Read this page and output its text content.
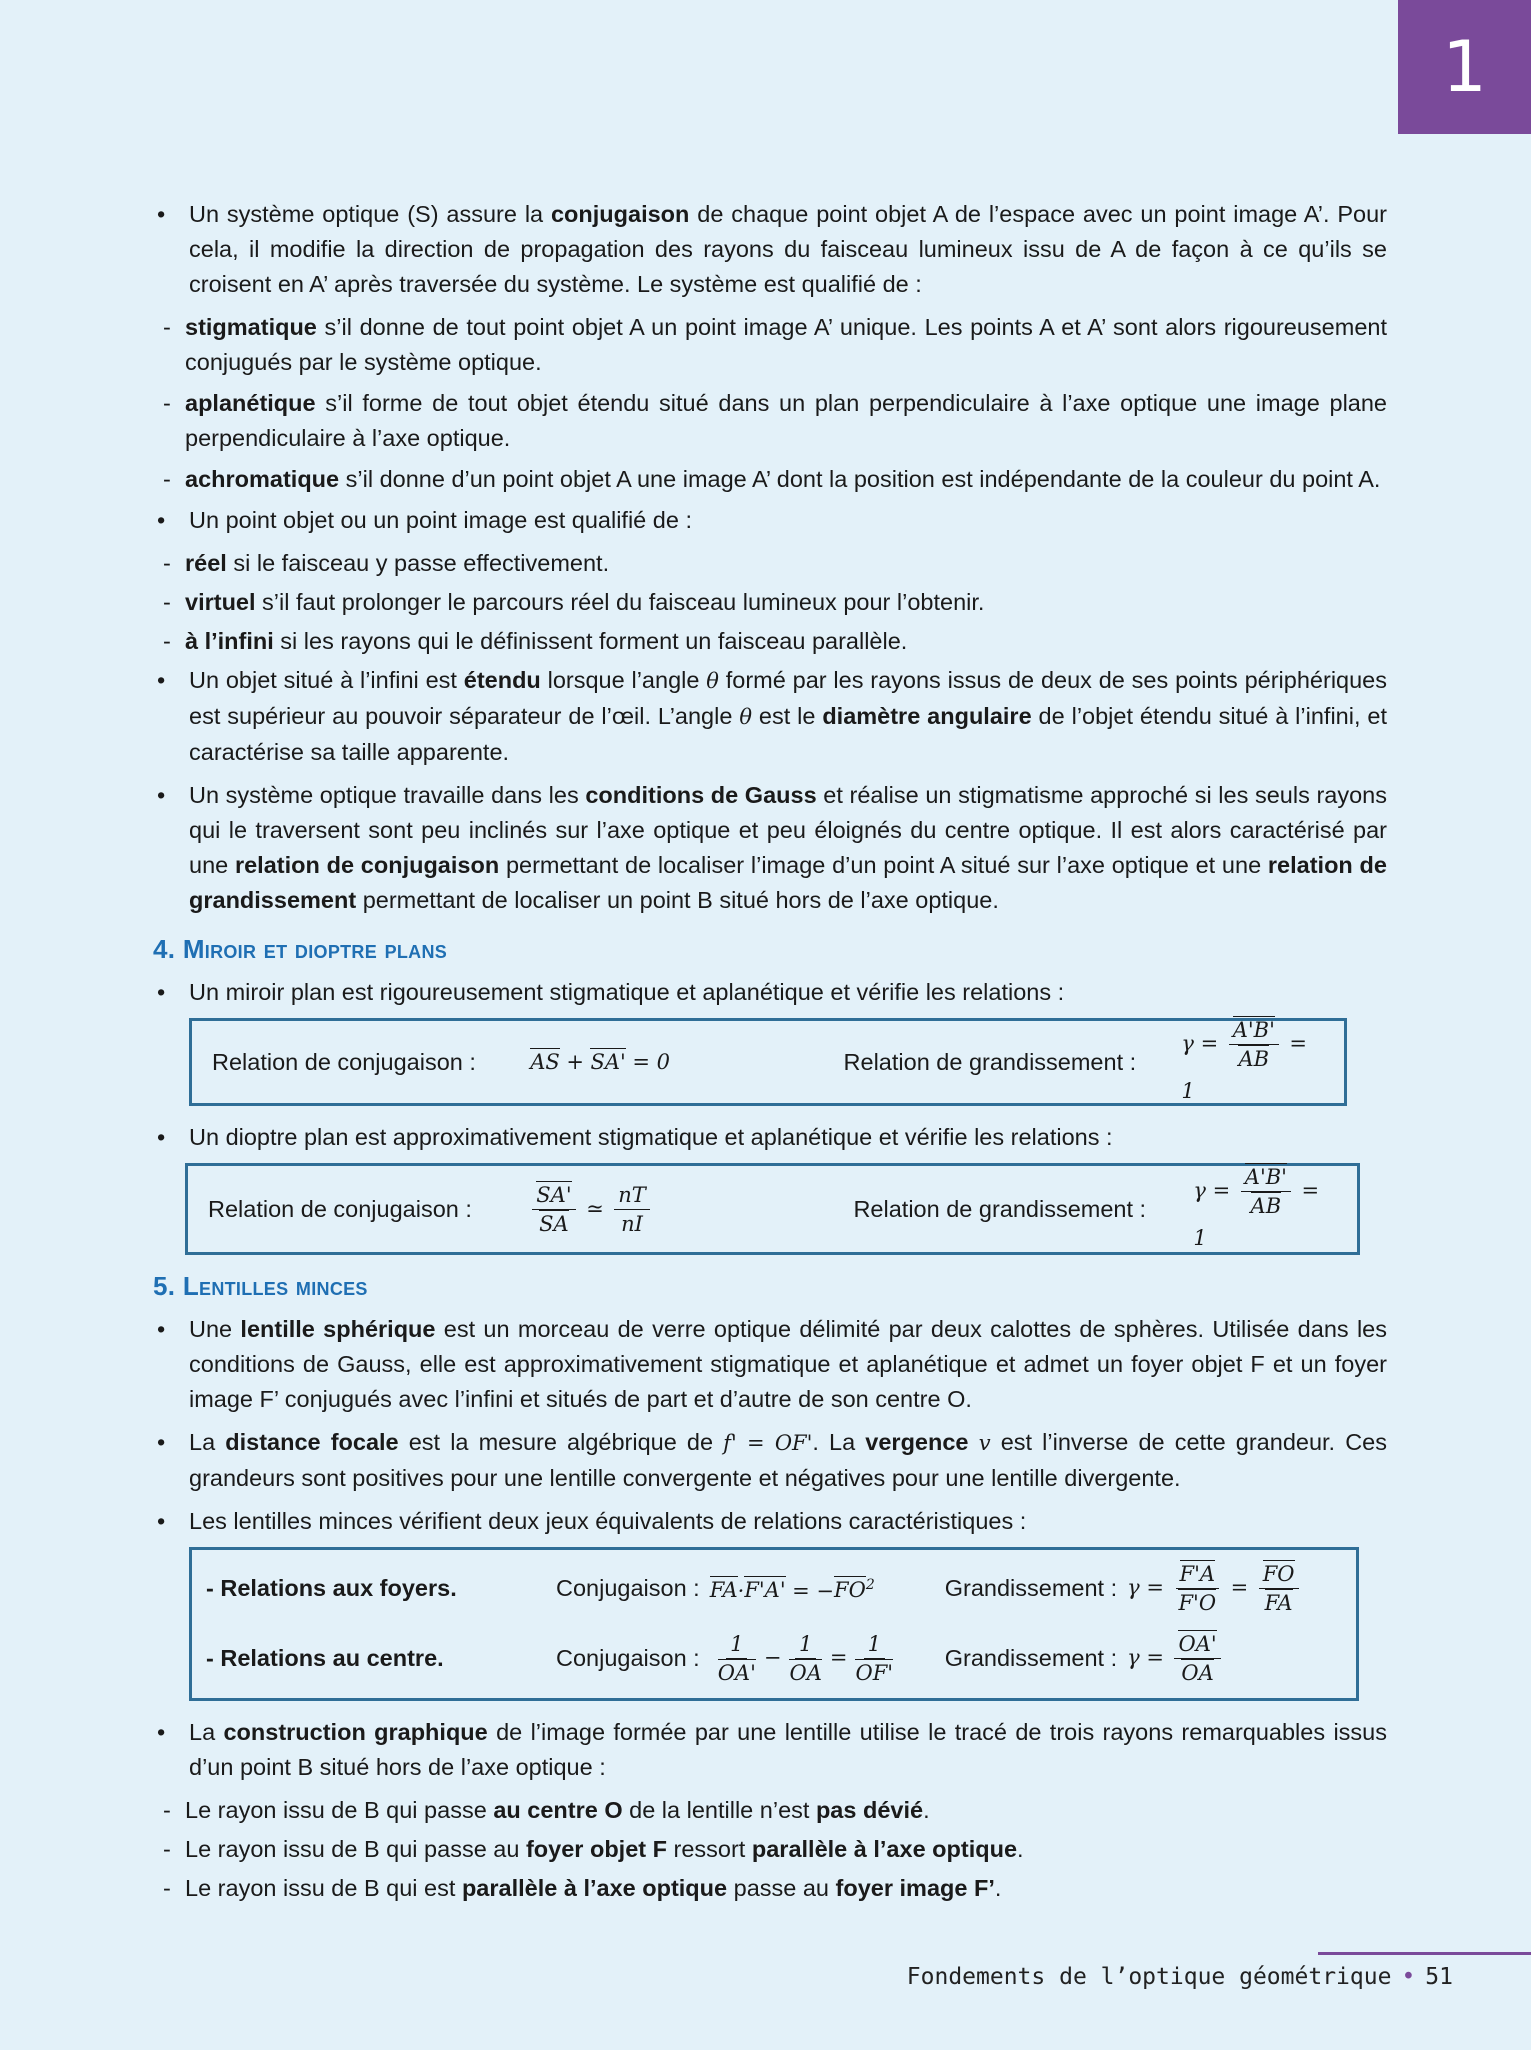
1
• Un système optique (S) assure la conjugaison de chaque point objet A de l’espace avec un point image A’. Pour cela, il modifie la direction de propagation des rayons du faisceau lumineux issu de A de façon à ce qu’ils se croisent en A’ après traversée du système. Le système est qualifié de :
- stigmatique s’il donne de tout point objet A un point image A’ unique. Les points A et A’ sont alors rigoureusement conjugués par le système optique.
- aplanétique s’il forme de tout objet étendu situé dans un plan perpendiculaire à l’axe optique une image plane perpendiculaire à l’axe optique.
- achromatique s’il donne d’un point objet A une image A’ dont la position est indépendante de la couleur du point A.
• Un point objet ou un point image est qualifié de :
- réel si le faisceau y passe effectivement.
- virtuel s’il faut prolonger le parcours réel du faisceau lumineux pour l’obtenir.
- à l’infini si les rayons qui le définissent forment un faisceau parallèle.
• Un objet situé à l’infini est étendu lorsque l’angle θ formé par les rayons issus de deux de ses points périphériques est supérieur au pouvoir séparateur de l’œil. L’angle θ est le diamètre angulaire de l’objet étendu situé à l’infini, et caractérise sa taille apparente.
• Un système optique travaille dans les conditions de Gauss et réalise un stigmatisme approché si les seuls rayons qui le traversent sont peu inclinés sur l’axe optique et peu éloignés du centre optique. Il est alors caractérisé par une relation de conjugaison permettant de localiser l’image d’un point A situé sur l’axe optique et une relation de grandissement permettant de localiser un point B situé hors de l’axe optique.
4. Miroir et dioptre plans
• Un miroir plan est rigoureusement stigmatique et aplanétique et vérifie les relations :
Relation de conjugaison :	AS + SA' = 0	Relation de grandissement :
$\gamma = \frac{A'B'}{AB} = 1$
• Un dioptre plan est approximativement stigmatique et aplanétique et vérifie les relations :
Relation de conjugaison :	$\frac{SA'}{SA}$ ≃ $\frac{nT}{nI}$	Relation de grandissement :
$\gamma = \frac{A'B'}{AB} = 1$
5. Lentilles minces
• Une lentille sphérique est un morceau de verre optique délimité par deux calottes de sphères. Utilisée dans les conditions de Gauss, elle est approximativement stigmatique et aplanétique et admet un foyer objet F et un foyer image F’ conjugués avec l’infini et situés de part et d’autre de son centre O.
• La distance focale est la mesure algébrique de f' = OF'. La vergence v est l’inverse de cette grandeur. Ces grandeurs sont positives pour une lentille convergente et négatives pour une lentille divergente.
• Les lentilles minces vérifient deux jeux équivalents de relations caractéristiques :
- Relations aux foyers.	Conjugaison : $FA\cdot F'A' = -FO^2$	Grandissement : $\gamma = \frac{F'A}{F'O} = \frac{FO}{FA}$
- Relations au centre.	Conjugaison : $\frac{1}{OA'} - \frac{1}{OA} = \frac{1}{OF'}$ Grandissement : $\gamma = \frac{OA'}{OA}$
• La construction graphique de l’image formée par une lentille utilise le tracé de trois rayons remarquables issus d’un point B situé hors de l’axe optique :
- Le rayon issu de B qui passe au centre O de la lentille n’est pas dévié.
- Le rayon issu de B qui passe au foyer objet F ressort parallèle à l’axe optique.
- Le rayon issu de B qui est parallèle à l’axe optique passe au foyer image F’.
Fondements de l’optique géométrique • 51
